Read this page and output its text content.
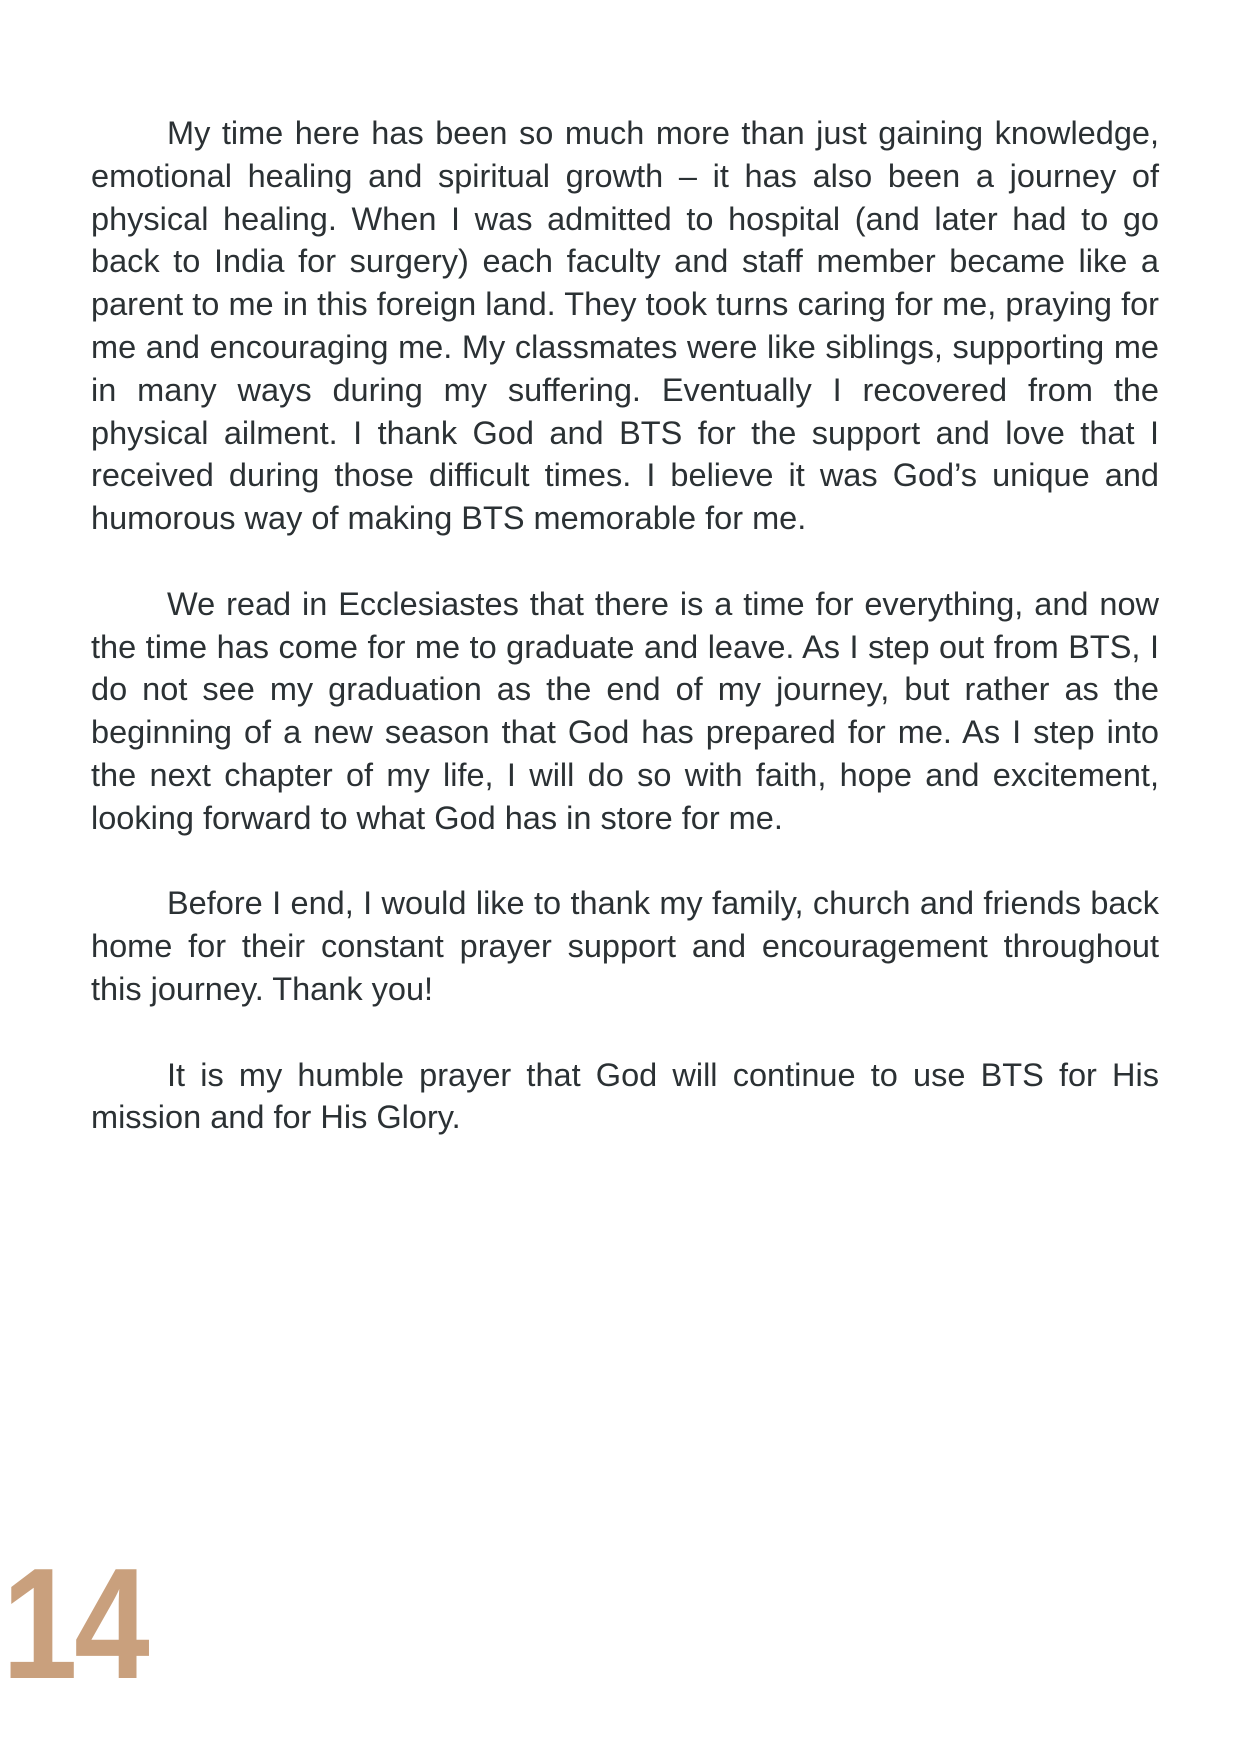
My time here has been so much more than just gaining knowledge, emotional healing and spiritual growth – it has also been a journey of physical healing. When I was admitted to hospital (and later had to go back to India for surgery) each faculty and staff member became like a parent to me in this foreign land. They took turns caring for me, praying for me and encouraging me. My classmates were like siblings, supporting me in many ways during my suffering. Eventually I recovered from the physical ailment. I thank God and BTS for the support and love that I received during those difficult times. I believe it was God’s unique and humorous way of making BTS memorable for me.

We read in Ecclesiastes that there is a time for everything, and now the time has come for me to graduate and leave. As I step out from BTS, I do not see my graduation as the end of my journey, but rather as the beginning of a new season that God has prepared for me. As I step into the next chapter of my life, I will do so with faith, hope and excitement, looking forward to what God has in store for me.

Before I end, I would like to thank my family, church and friends back home for their constant prayer support and encouragement throughout this journey. Thank you!

It is my humble prayer that God will continue to use BTS for His mission and for His Glory.

14
